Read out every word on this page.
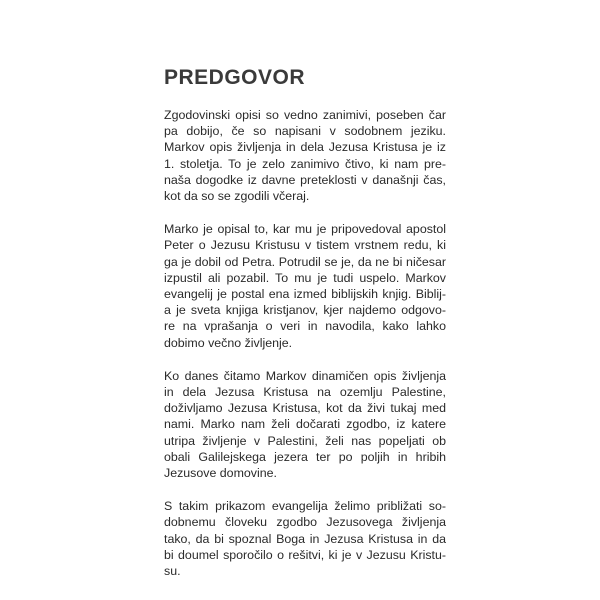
PREDGOVOR
Zgodovinski opisi so vedno zanimivi, poseben čar
pa dobijo, če so napisani v sodobnem jeziku.
Markov opis življenja in dela Jezusa Kristusa je iz
1. stoletja. To je zelo zanimivo čtivo, ki nam pre-
naša dogodke iz davne preteklosti v današnji čas,
kot da so se zgodili včeraj.
Marko je opisal to, kar mu je pripovedoval apostol
Peter o Jezusu Kristusu v tistem vrstnem redu, ki
ga je dobil od Petra. Potrudil se je, da ne bi ničesar
izpustil ali pozabil. To mu je tudi uspelo. Markov
evangelij je postal ena izmed biblijskih knjig. Biblij-
a je sveta knjiga kristjanov, kjer najdemo odgovo-
re na vprašanja o veri in navodila, kako lahko
dobimo večno življenje.
Ko danes čitamo Markov dinamičen opis življenja
in dela Jezusa Kristusa na ozemlju Palestine,
doživljamo Jezusa Kristusa, kot da živi tukaj med
nami. Marko nam želi dočarati zgodbo, iz katere
utripa življenje v Palestini, želi nas popeljati ob
obali Galilejskega jezera ter po poljih in hribih
Jezusove domovine.
S takim prikazom evangelija želimo približati so-
dobnemu človeku zgodbo Jezusovega življenja
tako, da bi spoznal Boga in Jezusa Kristusa in da
bi doumel sporočilo o rešitvi, ki je v Jezusu Kristu-
su.
